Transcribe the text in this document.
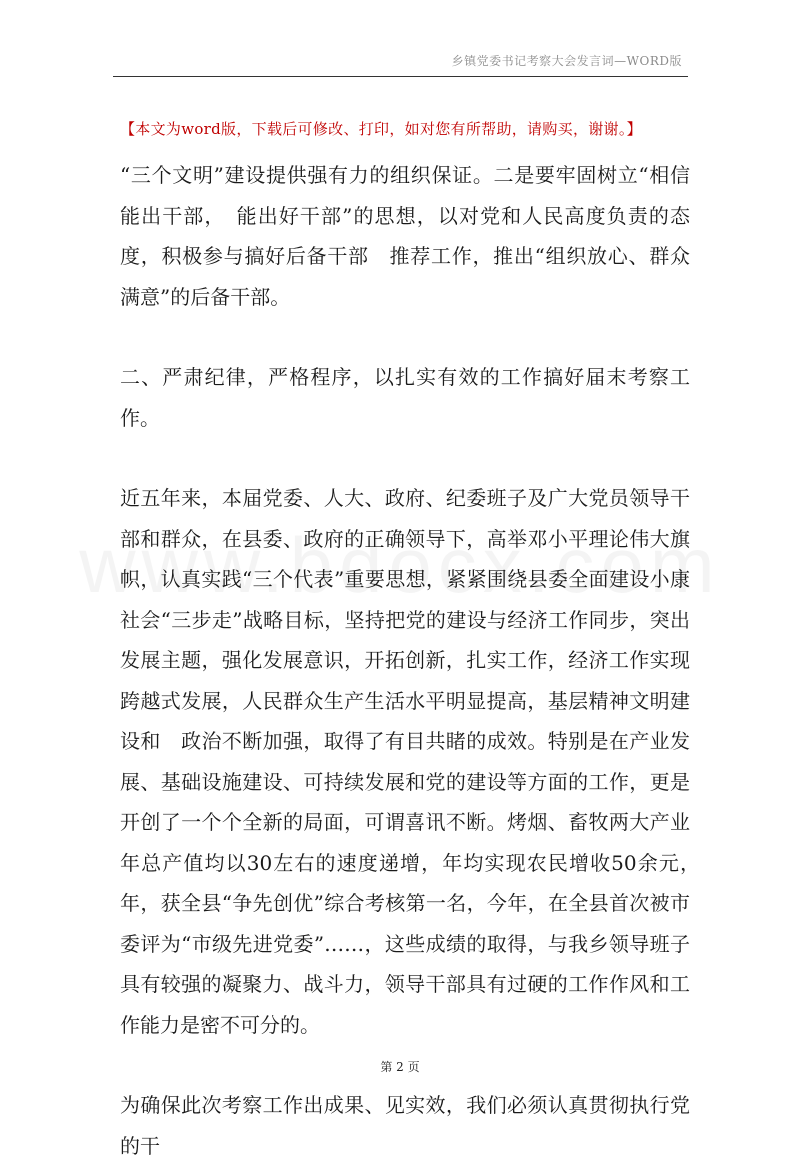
乡镇党委书记考察大会发言词—WORD版
【本文为word版，下载后可修改、打印，如对您有所帮助，请购买，谢谢。】

“三个文明”建设提供强有力的组织保证。二是要牢固树立“相信　能出干部，　能出好干部”的思想，以对党和人民高度负责的态度，积极参与搞好后备干部　推荐工作，推出“组织放心、群众满意”的后备干部。

二、严肃纪律，严格程序，以扎实有效的工作搞好届末考察工作。

近五年来，本届党委、人大、政府、纪委班子及广大党员领导干部和群众，在县委、政府的正确领导下，高举邓小平理论伟大旗帜，认真实践“三个代表”重要思想，紧紧围绕县委全面建设小康社会“三步走”战略目标，坚持把党的建设与经济工作同步，突出发展主题，强化发展意识，开拓创新，扎实工作，经济工作实现跨越式发展，人民群众生产生活水平明显提高，基层精神文明建设和　政治不断加强，取得了有目共睹的成效。特别是在产业发展、基础设施建设、可持续发展和党的建设等方面的工作，更是开创了一个个全新的局面，可谓喜讯不断。烤烟、畜牧两大产业年总产值均以30左右的速度递增，年均实现农民增收50余元，　年，获全县“争先创优”综合考核第一名，今年，在全县首次被市委评为“市级先进党委”……，这些成绩的取得，与我乡领导班子具有较强的凝聚力、战斗力，领导干部具有过硬的工作作风和工作能力是密不可分的。

为确保此次考察工作出成果、见实效，我们必须认真贯彻执行党的干

第 2 页
